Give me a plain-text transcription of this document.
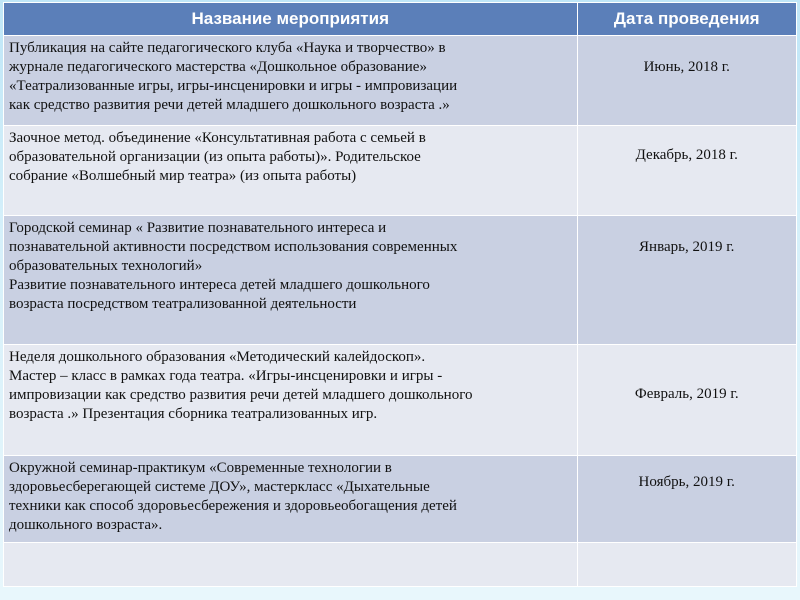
Название мероприятия	Дата проведения
Публикация на сайте педагогического клуба «Наука и творчество» в
журнале педагогического мастерства «Дошкольное образование»
«Театрализованные игры, игры-инсценировки и игры - импровизации
как средство развития речи детей младшего дошкольного возраста .»	Июнь, 2018 г.
Заочное метод. объединение «Консультативная работа с семьей в
образовательной организации (из опыта работы)». Родительское
собрание «Волшебный мир театра» (из опыта работы)	Декабрь, 2018 г.
Городской семинар « Развитие познавательного интереса и
познавательной активности посредством использования современных
образовательных технологий»
Развитие познавательного интереса детей младшего дошкольного
возраста посредством театрализованной деятельности	Январь, 2019 г.
Неделя дошкольного образования «Методический калейдоскоп».
Мастер – класс в рамках года театра. «Игры-инсценировки и игры -
импровизации как средство развития речи детей младшего дошкольного
возраста .» Презентация сборника театрализованных игр.	Февраль, 2019 г.
Окружной семинар-практикум «Современные технологии в
здоровьесберегающей системе ДОУ», мастеркласс «Дыхательные
техники как способ здоровьесбережения и здоровьеобогащения детей
дошкольного возраста».	Ноябрь, 2019 г.
